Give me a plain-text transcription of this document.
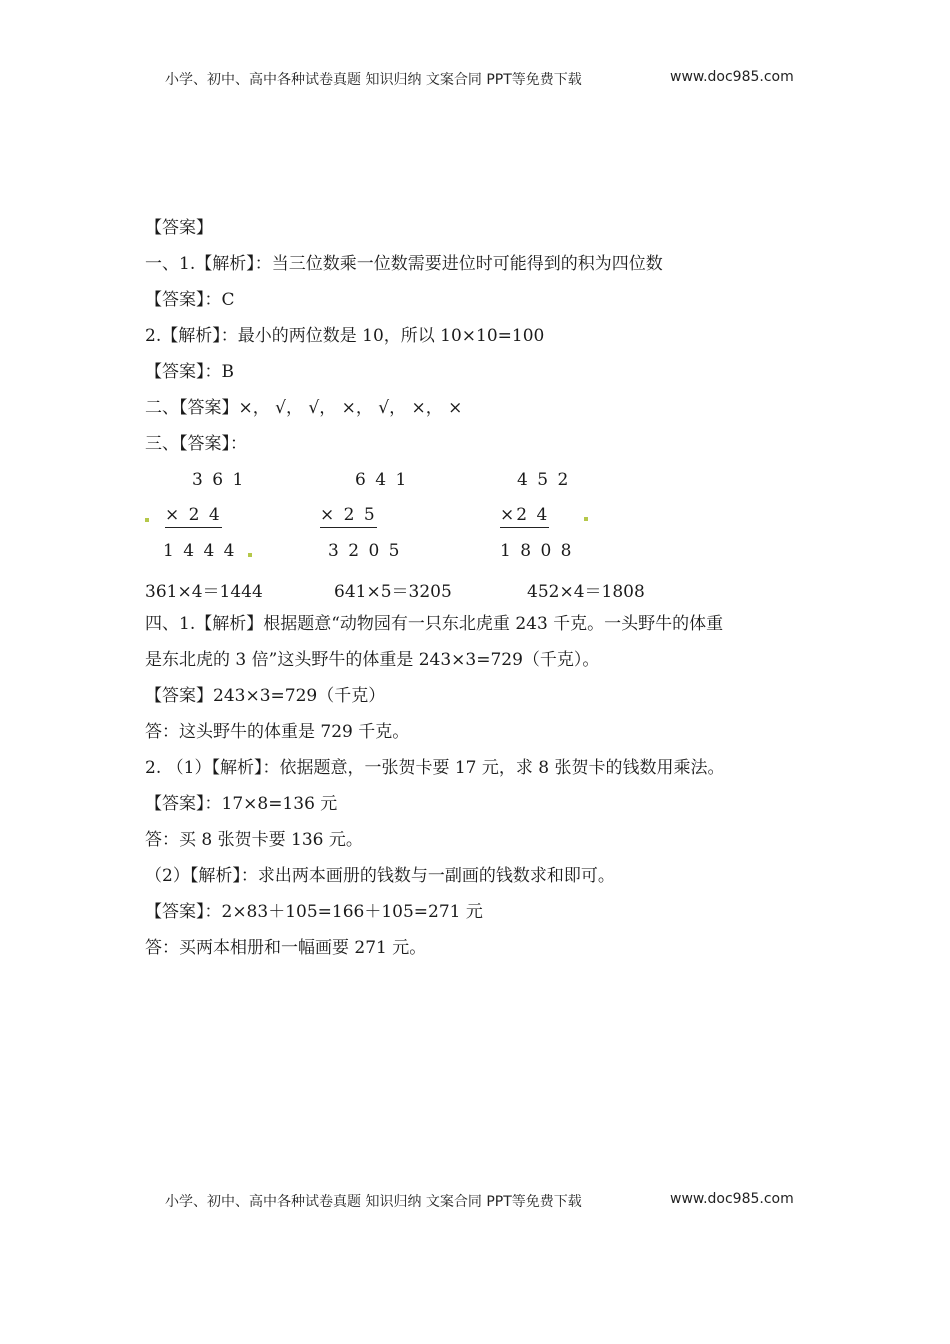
小学、初中、高中各种试卷真题 知识归纳 文案合同 PPT等免费下载	www.doc985.com
【答案】
一、1.【解析】：当三位数乘一位数需要进位时可能得到的积为四位数
【答案】：C
2.【解析】：最小的两位数是 10，所以 10×10=100
【答案】：B
二、【答案】×， √， √， ×， √， ×， ×
三、【答案】：
3 6 1
× 2 4
1 4 4 4
361×4＝1444
6 4 1
× 2 5
3 2 0 5
641×5＝3205
4 5 2
×2 4
1 8 0 8
452×4＝1808
四、1.【解析】根据题意“动物园有一只东北虎重 243 千克。一头野牛的体重
是东北虎的 3 倍”这头野牛的体重是 243×3=729（千克）。
【答案】243×3=729（千克）
答：这头野牛的体重是 729 千克。
2. （1）【解析】：依据题意，一张贺卡要 17 元，求 8 张贺卡的钱数用乘法。
【答案】：17×8=136 元
答：买 8 张贺卡要 136 元。
（2）【解析】：求出两本画册的钱数与一副画的钱数求和即可。
【答案】：2×83＋105=166＋105=271 元
答：买两本相册和一幅画要 271 元。
小学、初中、高中各种试卷真题 知识归纳 文案合同 PPT等免费下载	www.doc985.com
